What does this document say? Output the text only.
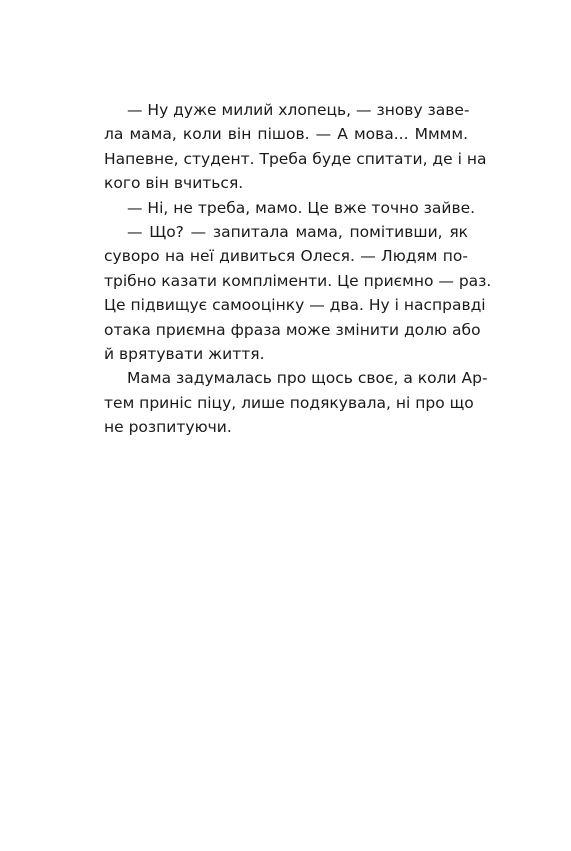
— Ну дуже милий хлопець, — знову заве-
ла мама, коли він пішов. — А мова... Мммм.
Напевне, студент. Треба буде спитати, де і на
кого він вчиться.

— Ні, не треба, мамо. Це вже точно зайве.

— Що? — запитала мама, помітивши, як
суворо на неї дивиться Олеся. — Людям по-
трібно казати компліменти. Це приємно — раз.
Це підвищує самооцінку — два. Ну і насправді
отака приємна фраза може змінити долю або
й врятувати життя.

Мама задумалась про щось своє, а коли Ар-
тем приніс піцу, лише подякувала, ні про що
не розпитуючи.
